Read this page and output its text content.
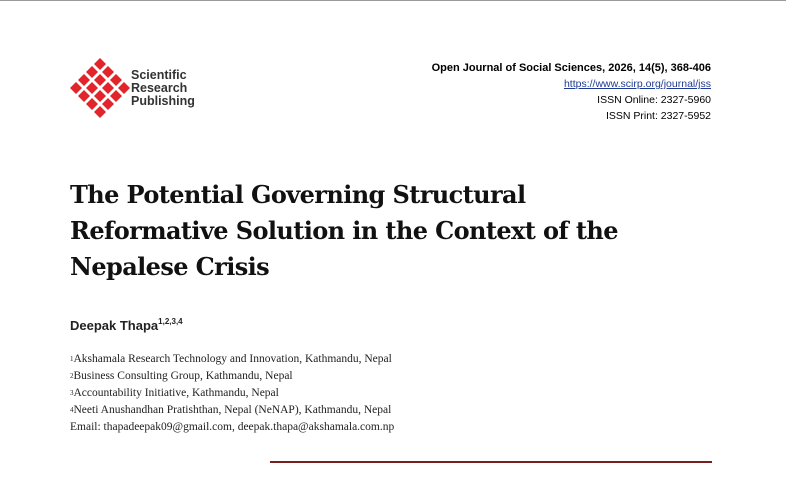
Scientific
Research
Publishing
Open Journal of Social Sciences, 2026, 14(5), 368-406
https://www.scirp.org/journal/jss
ISSN Online: 2327-5960
ISSN Print: 2327-5952
The Potential Governing Structural
Reformative Solution in the Context of the
Nepalese Crisis
Deepak Thapa$^{1,2,3,4}$
$^1$Akshamala Research Technology and Innovation, Kathmandu, Nepal
$^2$Business Consulting Group, Kathmandu, Nepal
$^3$Accountability Initiative, Kathmandu, Nepal
$^4$Neeti Anushandhan Pratishthan, Nepal (NeNAP), Kathmandu, Nepal
Email: thapadeepak09@gmail.com, deepak.thapa@akshamala.com.np
